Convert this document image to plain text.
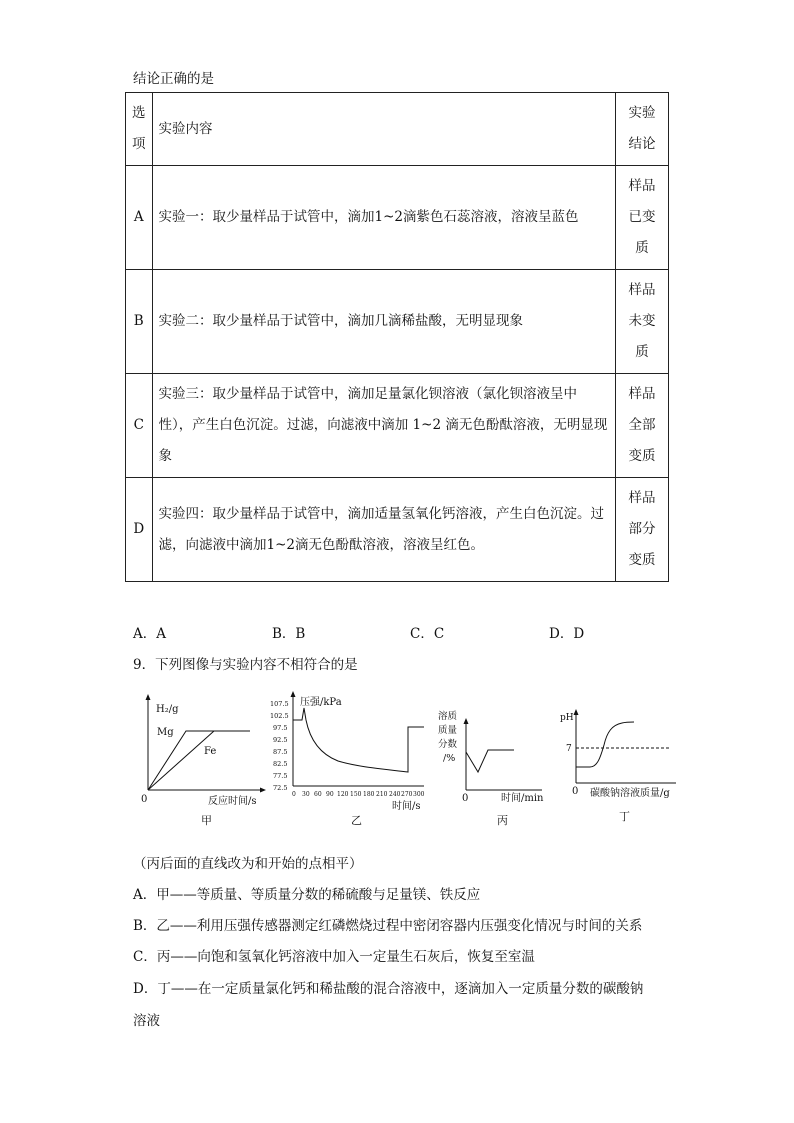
结论正确的是
选项	实验内容	实验结论
A	实验一：取少量样品于试管中，滴加1~2滴紫色石蕊溶液，溶液呈蓝色	样品已变质
B	实验二：取少量样品于试管中，滴加几滴稀盐酸，无明显现象	样品未变质
C	实验三：取少量样品于试管中，滴加足量氯化钡溶液（氯化钡溶液呈中性），产生白色沉淀。过滤，向滤液中滴加 1~2 滴无色酚酞溶液，无明显现象	样品全部变质
D	实验四：取少量样品于试管中，滴加适量氢氧化钙溶液，产生白色沉淀。过滤，向滤液中滴加1~2滴无色酚酞溶液，溶液呈红色。	样品部分变质
A．A	B．B	C．C	D．D
9．下列图像与实验内容不相符合的是
H₂/g
0	反应时间/s
Mg
Fe
甲
压强/kPa
107.5
102.5
97.5
92.5
87.5
82.5
77.5
72.5
0 30 60 90 120 150 180 210 240 270 300
时间/s
乙
溶质
质量
分数
/%
0	时间/min
丙
pH
7
0 碳酸钠溶液质量/g
丁
（丙后面的直线改为和开始的点相平）
A．甲——等质量、等质量分数的稀硫酸与足量镁、铁反应
B．乙——利用压强传感器测定红磷燃烧过程中密闭容器内压强变化情况与时间的关系
C．丙——向饱和氢氧化钙溶液中加入一定量生石灰后，恢复至室温
D．丁——在一定质量氯化钙和稀盐酸的混合溶液中，逐滴加入一定质量分数的碳酸钠
溶液
